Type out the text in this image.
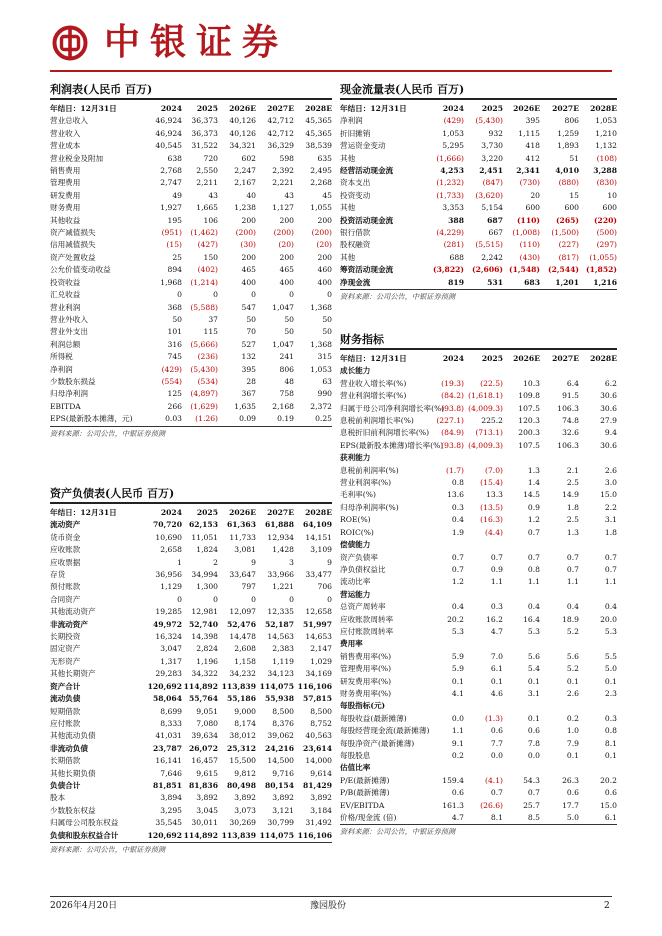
中银证券
利润表(人民币 百万)
年结日：12月31日	2024	2025	2026E	2027E	2028E
营业总收入	46,924	36,373	40,126	42,712	45,365
营业收入	46,924	36,373	40,126	42,712	45,365
营业成本	40,545	31,522	34,321	36,329	38,539
营业税金及附加	638	720	602	598	635
销售费用	2,768	2,550	2,247	2,392	2,495
管理费用	2,747	2,211	2,167	2,221	2,268
研发费用	49	43	40	43	45
财务费用	1,927	1,665	1,238	1,127	1,055
其他收益	195	106	200	200	200
资产减值损失	(951)	(1,462)	(200)	(200)	(200)
信用减值损失	(15)	(427)	(30)	(20)	(20)
资产处置收益	25	150	200	200	200
公允价值变动收益	894	(402)	465	465	460
投资收益	1,968	(1,214)	400	400	400
汇兑收益	0	0	0	0	0
营业利润	368	(5,588)	547	1,047	1,368
营业外收入	50	37	50	50	50
营业外支出	101	115	70	50	50
利润总额	316	(5,666)	527	1,047	1,368
所得税	745	(236)	132	241	315
净利润	(429)	(5,430)	395	806	1,053
少数股东损益	(554)	(534)	28	48	63
归母净利润	125	(4,897)	367	758	990
EBITDA	266	(1,629)	1,635	2,168	2,372
EPS(最新股本摊薄，元)	0.03	(1.26)	0.09	0.19	0.25
资料来源：公司公告，中银证券预测
资产负债表(人民币 百万)
年结日：12月31日	2024	2025	2026E	2027E	2028E
流动资产	70,720	62,153	61,363	61,888	64,109
货币资金	10,690	11,051	11,733	12,934	14,151
应收账款	2,658	1,824	3,081	1,428	3,109
应收票据	1	2	9	3	9
存货	36,956	34,994	33,647	33,966	33,477
预付账款	1,129	1,300	797	1,221	706
合同资产	0	0	0	0	0
其他流动资产	19,285	12,981	12,097	12,335	12,658
非流动资产	49,972	52,740	52,476	52,187	51,997
长期投资	16,324	14,398	14,478	14,563	14,653
固定资产	3,047	2,824	2,608	2,383	2,147
无形资产	1,317	1,196	1,158	1,119	1,029
其他长期资产	29,283	34,322	34,232	34,123	34,169
资产合计	120,692	114,892	113,839	114,075	116,106
流动负债	58,064	55,764	55,186	55,938	57,815
短期借款	8,699	9,051	9,000	8,500	8,500
应付账款	8,333	7,080	8,174	8,376	8,752
其他流动负债	41,031	39,634	38,012	39,062	40,563
非流动负债	23,787	26,072	25,312	24,216	23,614
长期借款	16,141	16,457	15,500	14,500	14,000
其他长期负债	7,646	9,615	9,812	9,716	9,614
负债合计	81,851	81,836	80,498	80,154	81,429
股本	3,894	3,892	3,892	3,892	3,892
少数股东权益	3,295	3,045	3,073	3,121	3,184
归属母公司股东权益	35,545	30,011	30,269	30,799	31,492
负债和股东权益合计	120,692	114,892	113,839	114,075	116,106
资料来源：公司公告，中银证券预测
现金流量表(人民币 百万)
年结日：12月31日	2024	2025	2026E	2027E	2028E
净利润	(429)	(5,430)	395	806	1,053
折旧摊销	1,053	932	1,115	1,259	1,210
营运资金变动	5,295	3,730	418	1,893	1,132
其他	(1,666)	3,220	412	51	(108)
经营活动现金流	4,253	2,451	2,341	4,010	3,288
资本支出	(1,232)	(847)	(730)	(880)	(830)
投资变动	(1,733)	(3,620)	20	15	10
其他	3,353	5,154	600	600	600
投资活动现金流	388	687	(110)	(265)	(220)
银行借款	(4,229)	667	(1,008)	(1,500)	(500)
股权融资	(281)	(5,515)	(110)	(227)	(297)
其他	688	2,242	(430)	(817)	(1,055)
筹资活动现金流	(3,822)	(2,606)	(1,548)	(2,544)	(1,852)
净现金流	819	531	683	1,201	1,216
资料来源：公司公告，中银证券预测
财务指标
年结日：12月31日	2024	2025	2026E	2027E	2028E
成长能力					
营业收入增长率(%)	(19.3)	(22.5)	10.3	6.4	6.2
营业利润增长率(%)	(84.2)	(1,618.1)	109.8	91.5	30.6
归属于母公司净利润增长率(%)	(93.8)	(4,009.3)	107.5	106.3	30.6
息税前利润增长率(%)	(227.1)	225.2	120.3	74.8	27.9
息税折旧前利润增长率(%)	(84.9)	(713.1)	200.3	32.6	9.4
EPS(最新股本摊薄)增长率(%)	(93.8)	(4,009.3)	107.5	106.3	30.6
获利能力					
息税前利润率(%)	(1.7)	(7.0)	1.3	2.1	2.6
营业利润率(%)	0.8	(15.4)	1.4	2.5	3.0
毛利率(%)	13.6	13.3	14.5	14.9	15.0
归母净利润率(%)	0.3	(13.5)	0.9	1.8	2.2
ROE(%)	0.4	(16.3)	1.2	2.5	3.1
ROIC(%)	1.9	(4.4)	0.7	1.3	1.8
偿债能力					
资产负债率	0.7	0.7	0.7	0.7	0.7
净负债权益比	0.7	0.9	0.8	0.7	0.7
流动比率	1.2	1.1	1.1	1.1	1.1
营运能力					
总资产周转率	0.4	0.3	0.4	0.4	0.4
应收账款周转率	20.2	16.2	16.4	18.9	20.0
应付账款周转率	5.3	4.7	5.3	5.2	5.3
费用率					
销售费用率(%)	5.9	7.0	5.6	5.6	5.5
管理费用率(%)	5.9	6.1	5.4	5.2	5.0
研发费用率(%)	0.1	0.1	0.1	0.1	0.1
财务费用率(%)	4.1	4.6	3.1	2.6	2.3
每股指标(元)					
每股收益(最新摊薄)	0.0	(1.3)	0.1	0.2	0.3
每股经营现金流(最新摊薄)	1.1	0.6	0.6	1.0	0.8
每股净资产(最新摊薄)	9.1	7.7	7.8	7.9	8.1
每股股息	0.2	0.0	0.0	0.1	0.1
估值比率					
P/E(最新摊薄)	159.4	(4.1)	54.3	26.3	20.2
P/B(最新摊薄)	0.6	0.7	0.7	0.6	0.6
EV/EBITDA	161.3	(26.6)	25.7	17.7	15.0
价格/现金流 (倍)	4.7	8.1	8.5	5.0	6.1
资料来源：公司公告，中银证券预测
2026年4月20日	豫园股份	2
